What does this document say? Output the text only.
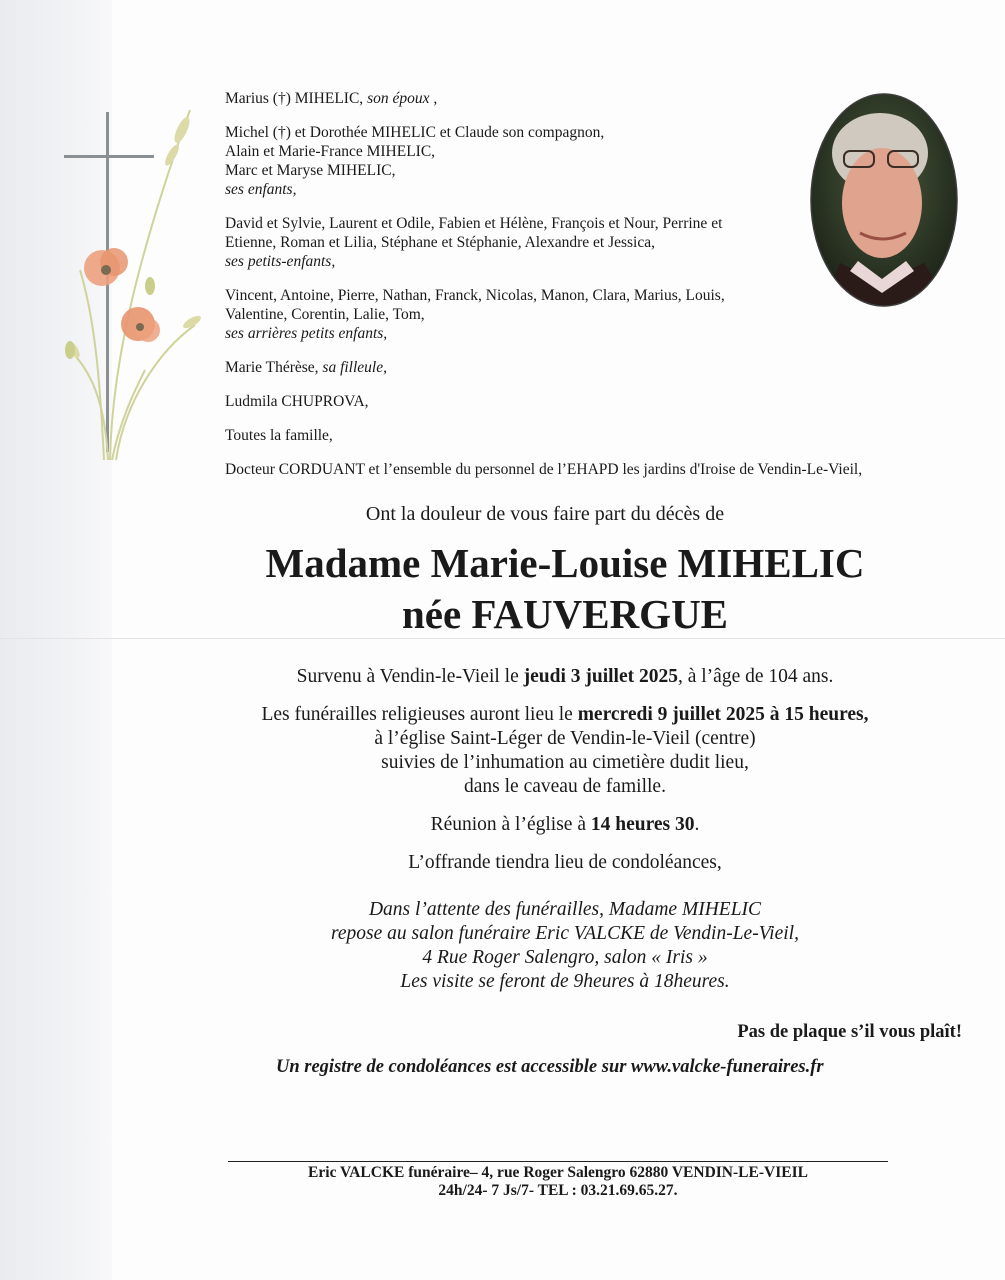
Marius (†) MIHELIC, son époux ,

Michel (†) et Dorothée MIHELIC et Claude son compagnon,

Alain et Marie-France MIHELIC,

Marc et Maryse MIHELIC,

ses enfants,

David et Sylvie, Laurent et Odile, Fabien et Hélène, François et Nour, Perrine et

Etienne, Roman et Lilia, Stéphane et Stéphanie, Alexandre et Jessica,

ses petits-enfants,

Vincent, Antoine, Pierre, Nathan, Franck, Nicolas, Manon, Clara, Marius, Louis,

Valentine, Corentin, Lalie, Tom,

ses arrières petits enfants,

Marie Thérèse, sa filleule,

Ludmila CHUPROVA,

Toutes la famille,

Docteur CORDUANT et l’ensemble du personnel de l’EHAPD les jardins d'Iroise de Vendin-Le-Vieil,

Ont la douleur de vous faire part du décès de
Madame Marie-Louise MIHELIC
née FAUVERGUE

Survenu à Vendin-le-Vieil le jeudi 3 juillet 2025, à l’âge de 104 ans.

Les funérailles religieuses auront lieu le mercredi 9 juillet 2025 à 15 heures,

à l’église Saint-Léger de Vendin-le-Vieil (centre)

suivies de l’inhumation au cimetière dudit lieu,

dans le caveau de famille.

Réunion à l’église à 14 heures 30.

L’offrande tiendra lieu de condoléances,

Dans l’attente des funérailles, Madame MIHELIC

repose au salon funéraire Eric VALCKE de Vendin-Le-Vieil,

4 Rue Roger Salengro, salon « Iris »

Les visite se feront de 9heures à 18heures.

Pas de plaque s’il vous plaît!
Un registre de condoléances est accessible sur www.valcke-funeraires.fr

Eric VALCKE funéraire– 4, rue Roger Salengro 62880 VENDIN-LE-VIEIL

24h/24- 7 Js/7- TEL : 03.21.69.65.27.
